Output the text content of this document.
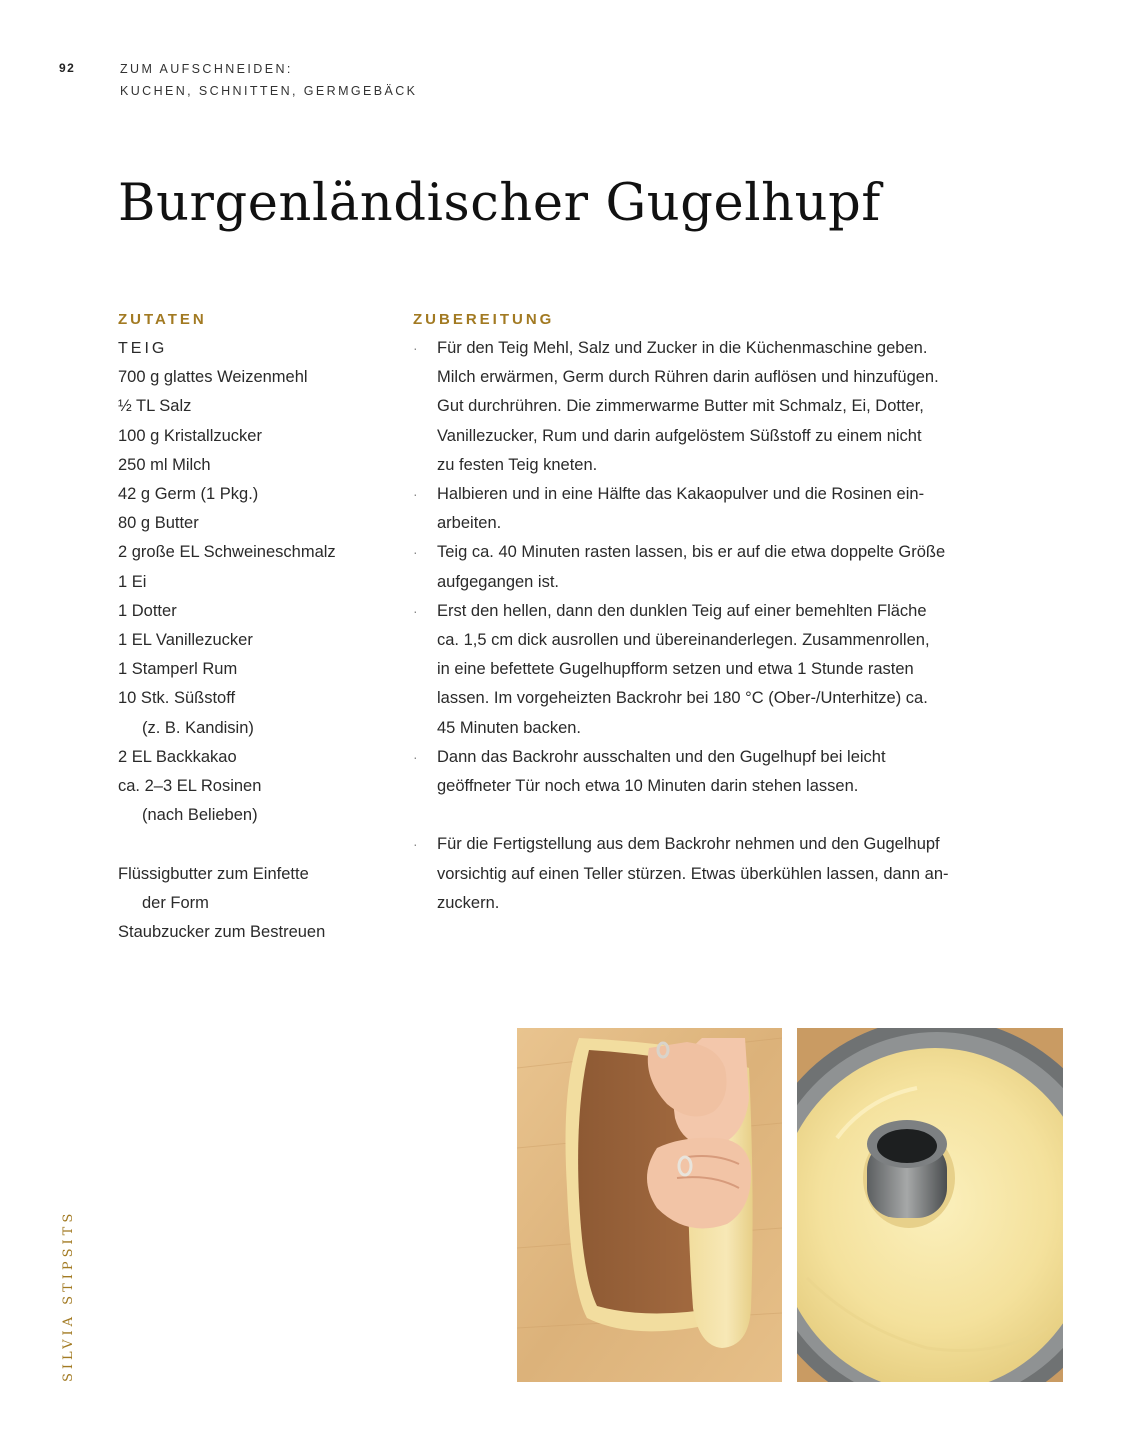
92	ZUM AUFSCHNEIDEN:
KUCHEN, SCHNITTEN, GERMGEBÄCK
Burgenländischer Gugelhupf
ZUTATEN	ZUBEREITUNG
TEIG
700 g glattes Weizenmehl
½ TL Salz
100 g Kristallzucker
250 ml Milch
42 g Germ (1 Pkg.)
80 g Butter
2 große EL Schweineschmalz
1 Ei
1 Dotter
1 EL Vanillezucker
1 Stamperl Rum
10 Stk. Süßstoff
(z. B. Kandisin)
2 EL Backkakao
ca. 2–3 EL Rosinen
(nach Belieben)
Flüssigbutter zum Einfette
der Form
Staubzucker zum Bestreuen
· Für den Teig Mehl, Salz und Zucker in die Küchenmaschine geben.
Milch erwärmen, Germ durch Rühren darin auflösen und hinzufügen.
Gut durchrühren. Die zimmerwarme Butter mit Schmalz, Ei, Dotter,
Vanillezucker, Rum und darin aufgelöstem Süßstoff zu einem nicht
zu festen Teig kneten.
· Halbieren und in eine Hälfte das Kakaopulver und die Rosinen ein-
arbeiten.
· Teig ca. 40 Minuten rasten lassen, bis er auf die etwa doppelte Größe
aufgegangen ist.
· Erst den hellen, dann den dunklen Teig auf einer bemehlten Fläche
ca. 1,5 cm dick ausrollen und übereinanderlegen. Zusammenrollen,
in eine befettete Gugelhupfform setzen und etwa 1 Stunde rasten
lassen. Im vorgeheizten Backrohr bei 180 °C (Ober-/Unterhitze) ca.
45 Minuten backen.
· Dann das Backrohr ausschalten und den Gugelhupf bei leicht
geöffneter Tür noch etwa 10 Minuten darin stehen lassen.
· Für die Fertigstellung aus dem Backrohr nehmen und den Gugelhupf
vorsichtig auf einen Teller stürzen. Etwas überkühlen lassen, dann an-
zuckern.
SILVIA STIPSITS
